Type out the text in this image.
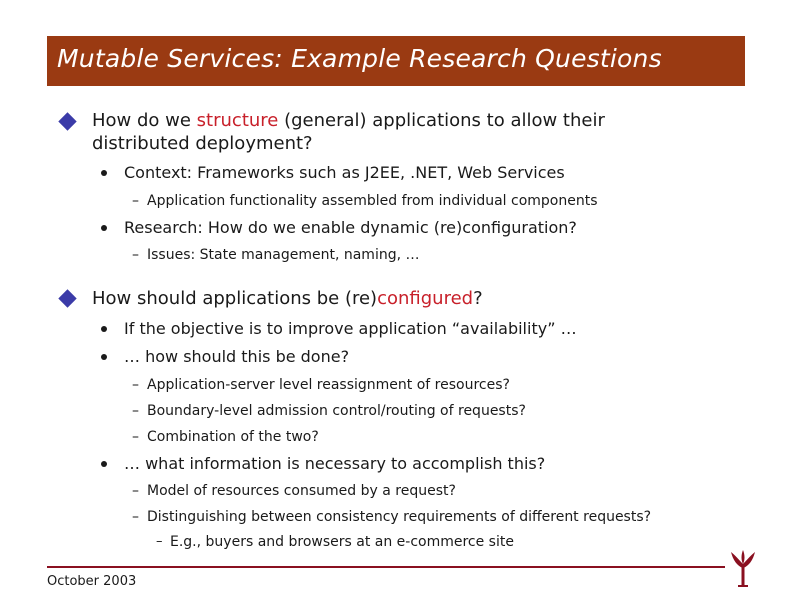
Mutable Services: Example Research Questions
How do we structure (general) applications to allow their
distributed deployment?
Context: Frameworks such as J2EE, .NET, Web Services
– Application functionality assembled from individual components
Research: How do we enable dynamic (re)configuration?
– Issues: State management, naming, …
How should applications be (re)configured?
If the objective is to improve application “availability” …
… how should this be done?
– Application-server level reassignment of resources?
– Boundary-level admission control/routing of requests?
– Combination of the two?
… what information is necessary to accomplish this?
– Model of resources consumed by a request?
– Distinguishing between consistency requirements of different requests?
– E.g., buyers and browsers at an e-commerce site
October 2003
